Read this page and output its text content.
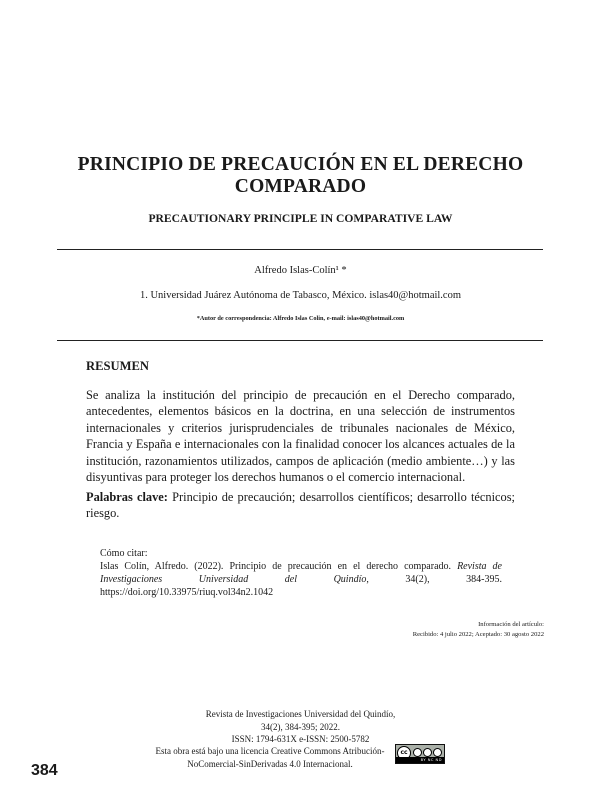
PRINCIPIO DE PRECAUCIÓN EN EL DERECHO
COMPARADO
PRECAUTIONARY PRINCIPLE IN COMPARATIVE LAW
Alfredo Islas-Colín¹ *
1. Universidad Juárez Autónoma de Tabasco, México. islas40@hotmail.com
*Autor de correspondencia: Alfredo Islas Colin, e-mail: islas40@hotmail.com
RESUMEN

Se analiza la institución del principio de precaución en el Derecho comparado, antecedentes, elementos básicos en la doctrina, en una selección de instrumentos internacionales y criterios jurisprudenciales de tribunales nacionales de México, Francia y España e internacionales con la finalidad conocer los alcances actuales de la institución, razonamientos utilizados, campos de aplicación (medio ambiente…) y las disyuntivas para proteger los derechos humanos o el comercio internacional.

Palabras clave: Principio de precaución; desarrollos científicos; desarrollo técnicos; riesgo.

Cómo citar:

Islas Colín, Alfredo. (2022). Principio de precaución en el derecho comparado. Revista de Investigaciones Universidad del Quindío, 34(2), 384-395. https://doi.org/10.33975/riuq.vol34n2.1042

Información del artículo:
Recibido: 4 julio 2022; Aceptado: 30 agosto 2022
Revista de Investigaciones Universidad del Quindío,
34(2), 384-395; 2022.
ISSN: 1794-631X e-ISSN: 2500-5782
Esta obra está bajo una licencia Creative Commons Atribución-
NoComercial-SinDerivadas 4.0 Internacional.
cc
BY NC ND
384
